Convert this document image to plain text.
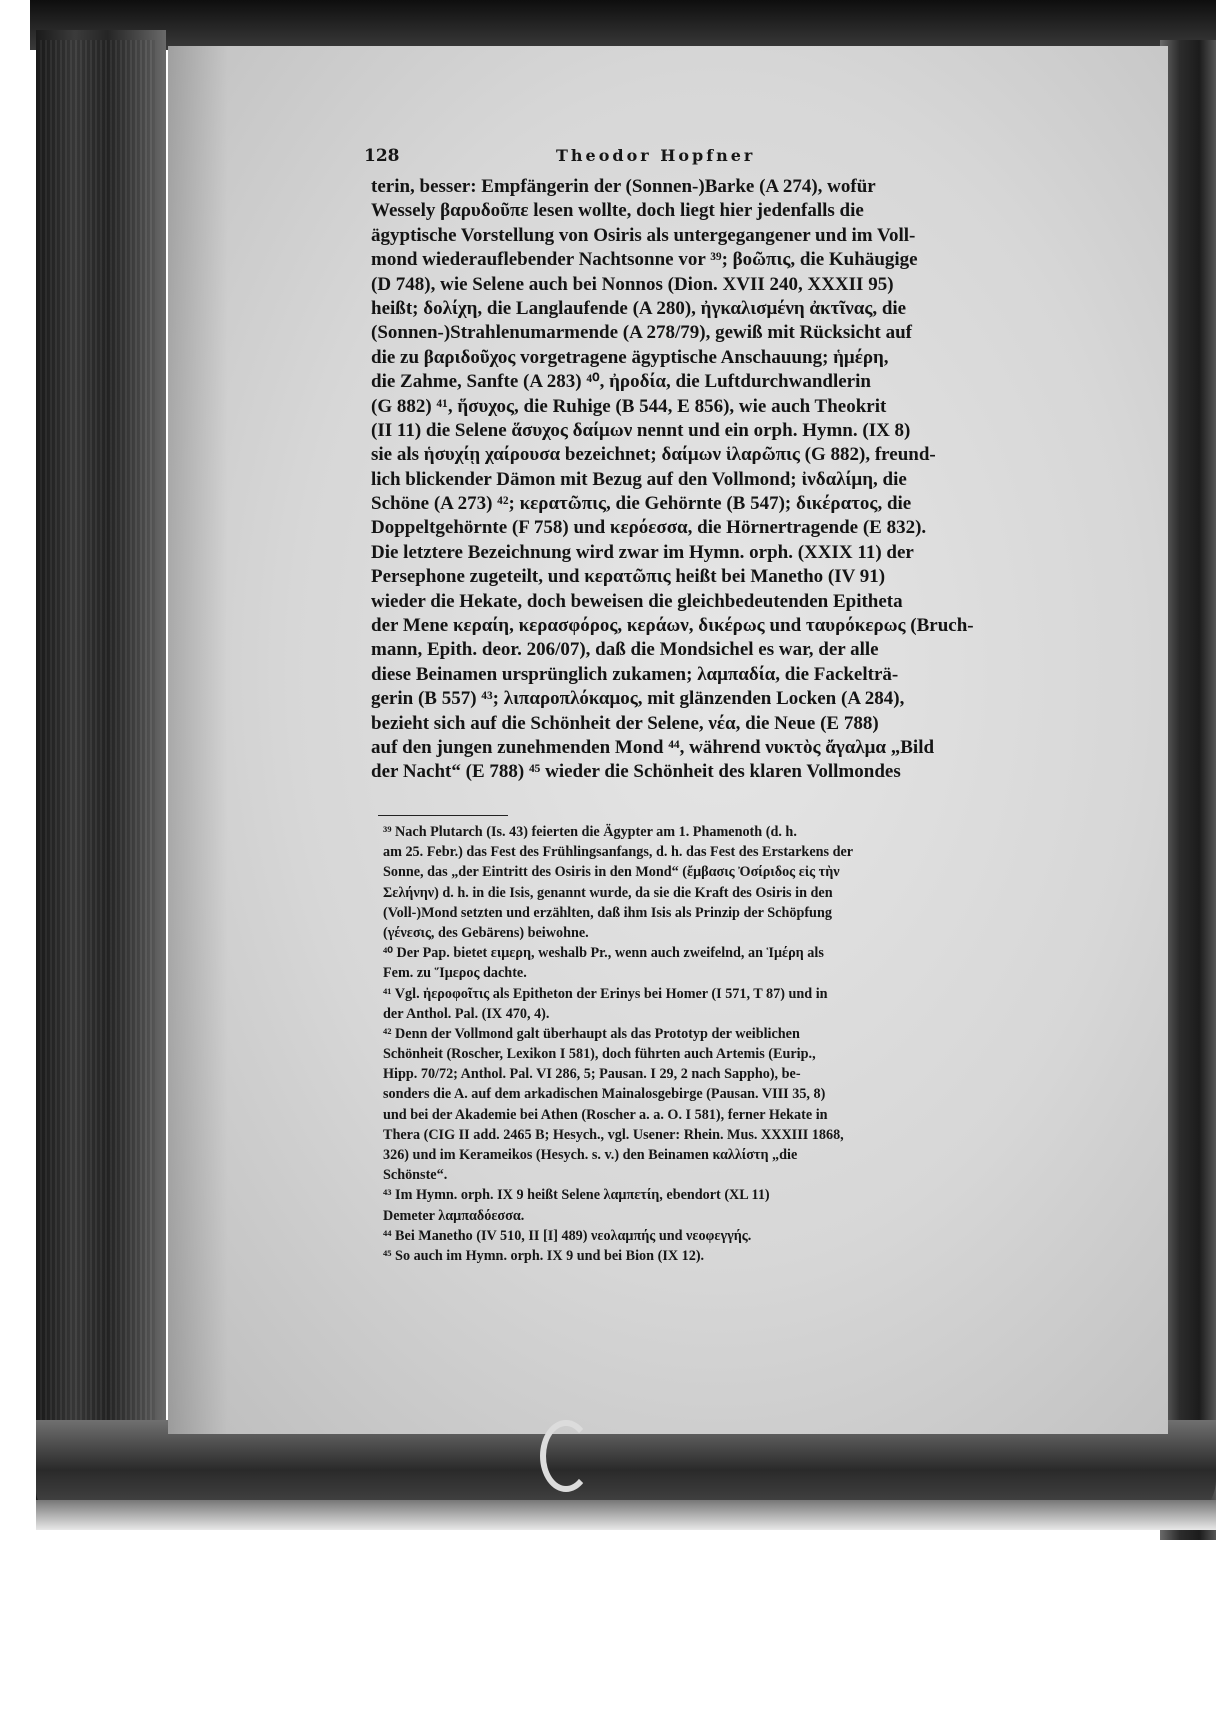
128	Theodor Hopfner
terin, besser: Empfängerin der (Sonnen-)Barke (A 274), wofür
Wessely βαρυδοῦπε lesen wollte, doch liegt hier jedenfalls die
ägyptische Vorstellung von Osiris als untergegangener und im Voll-
mond wiederauflebender Nachtsonne vor ³⁹; βοῶπις, die Kuhäugige
(D 748), wie Selene auch bei Nonnos (Dion. XVII 240, XXXII 95)
heißt; δολίχη, die Langlaufende (A 280), ἠγκαλισμένη ἀκτῖνας, die
(Sonnen-)Strahlenumarmende (A 278/79), gewiß mit Rücksicht auf
die zu βαριδοῦχος vorgetragene ägyptische Anschauung; ἡμέρη,
die Zahme, Sanfte (A 283) ⁴⁰, ἠροδία, die Luftdurchwandlerin
(G 882) ⁴¹, ἥσυχος, die Ruhige (B 544, E 856), wie auch Theokrit
(II 11) die Selene ἅσυχος δαίμων nennt und ein orph. Hymn. (IX 8)
sie als ἡσυχίῃ χαίρουσα bezeichnet; δαίμων ἱλαρῶπις (G 882), freund-
lich blickender Dämon mit Bezug auf den Vollmond; ἰνδαλίμη, die
Schöne (A 273) ⁴²; κερατῶπις, die Gehörnte (B 547); δικέρατος, die
Doppeltgehörnte (F 758) und κερόεσσα, die Hörnertragende (E 832).
Die letztere Bezeichnung wird zwar im Hymn. orph. (XXIX 11) der
Persephone zugeteilt, und κερατῶπις heißt bei Manetho (IV 91)
wieder die Hekate, doch beweisen die gleichbedeutenden Epitheta
der Mene κεραίη, κερασφόρος, κεράων, δικέρως und ταυρόκερως (Bruch-
mann, Epith. deor. 206/07), daß die Mondsichel es war, der alle
diese Beinamen ursprünglich zukamen; λαμπαδία, die Fackelträ-
gerin (B 557) ⁴³; λιπαροπλόκαμος, mit glänzenden Locken (A 284),
bezieht sich auf die Schönheit der Selene, νέα, die Neue (E 788)
auf den jungen zunehmenden Mond ⁴⁴, während νυκτὸς ἄγαλμα „Bild
der Nacht“ (E 788) ⁴⁵ wieder die Schönheit des klaren Vollmondes
³⁹ Nach Plutarch (Is. 43) feierten die Ägypter am 1. Phamenoth (d. h.
am 25. Febr.) das Fest des Frühlingsanfangs, d. h. das Fest des Erstarkens der
Sonne, das „der Eintritt des Osiris in den Mond“ (ἔμβασις Ὀσίριδος εἰς τὴν
Σελήνην) d. h. in die Isis, genannt wurde, da sie die Kraft des Osiris in den
(Voll-)Mond setzten und erzählten, daß ihm Isis als Prinzip der Schöpfung
(γένεσις, des Gebärens) beiwohne.
⁴⁰ Der Pap. bietet ειμερη, weshalb Pr., wenn auch zweifelnd, an Ἱμέρη als
Fem. zu Ἵμερος dachte.
⁴¹ Vgl. ἠεροφοῖτις als Epitheton der Erinys bei Homer (I 571, T 87) und in
der Anthol. Pal. (IX 470, 4).
⁴² Denn der Vollmond galt überhaupt als das Prototyp der weiblichen
Schönheit (Roscher, Lexikon I 581), doch führten auch Artemis (Eurip.,
Hipp. 70/72; Anthol. Pal. VI 286, 5; Pausan. I 29, 2 nach Sappho), be-
sonders die A. auf dem arkadischen Mainalosgebirge (Pausan. VIII 35, 8)
und bei der Akademie bei Athen (Roscher a. a. O. I 581), ferner Hekate in
Thera (CIG II add. 2465 B; Hesych., vgl. Usener: Rhein. Mus. XXXIII 1868,
326) und im Kerameikos (Hesych. s. v.) den Beinamen καλλίστη „die
Schönste“.
⁴³ Im Hymn. orph. IX 9 heißt Selene λαμπετίη, ebendort (XL 11)
Demeter λαμπαδόεσσα.
⁴⁴ Bei Manetho (IV 510, II [I] 489) νεολαμπής und νεοφεγγής.
⁴⁵ So auch im Hymn. orph. IX 9 und bei Bion (IX 12).
